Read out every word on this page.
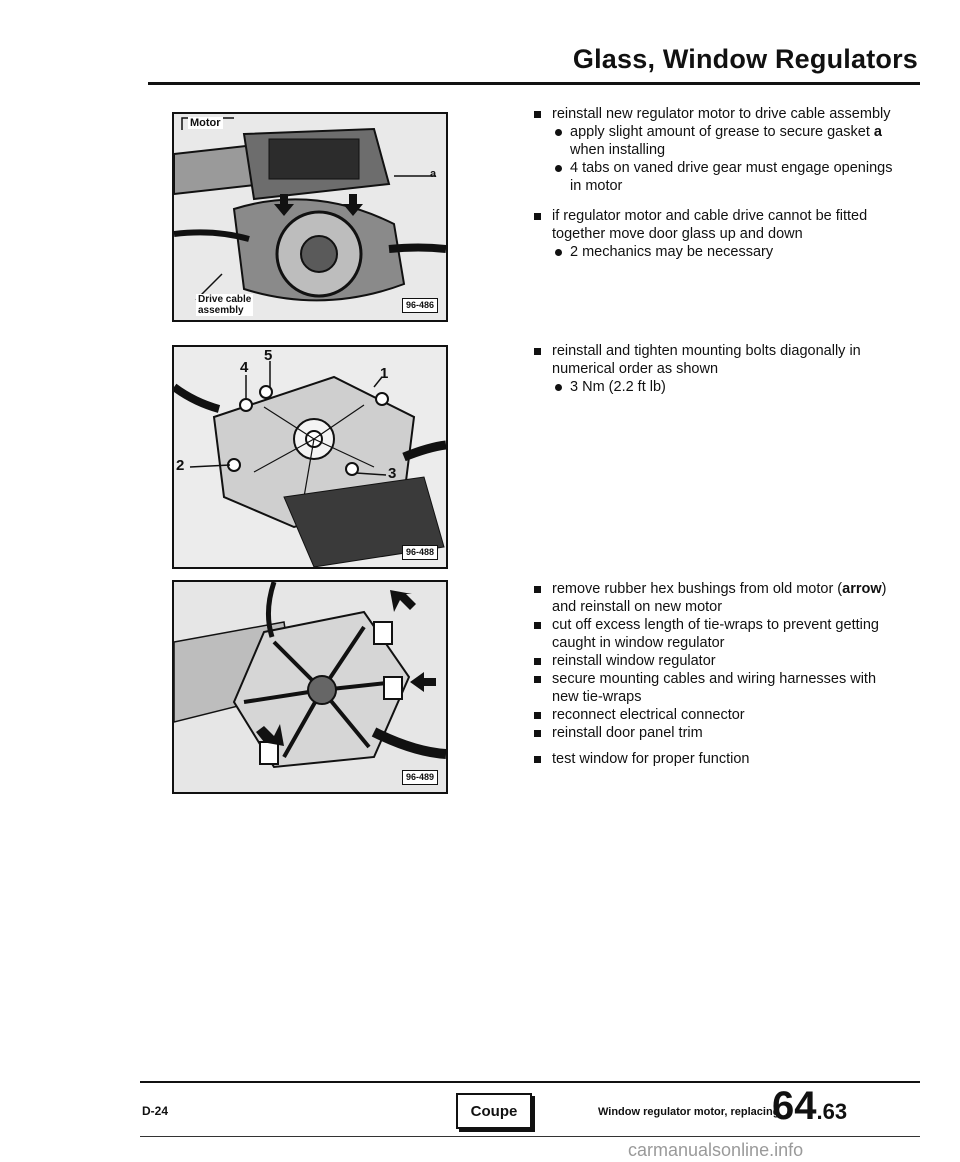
Glass, Window Regulators
Motor
a
Drive cable
assembly	96-486
5
1
4
2	3
96-488
96-489

reinstall new regulator motor to drive cable assembly

apply slight amount of grease to secure gasket a when installing

4 tabs on vaned drive gear must engage openings in motor

if regulator motor and cable drive cannot be fitted together move door glass up and down

2 mechanics may be necessary

reinstall and tighten mounting bolts diagonally in numerical order as shown

3 Nm (2.2 ft lb)

remove rubber hex bushings from old motor (arrow) and reinstall on new motor

cut off excess length of tie-wraps to prevent getting caught in window regulator

reinstall window regulator

secure mounting cables and wiring harnesses with new tie-wraps

reconnect electrical connector

reinstall door panel trim

test window for proper function

D-24	Coupe	Window regulator motor, replacing
64.63
carmanualsonline.info
